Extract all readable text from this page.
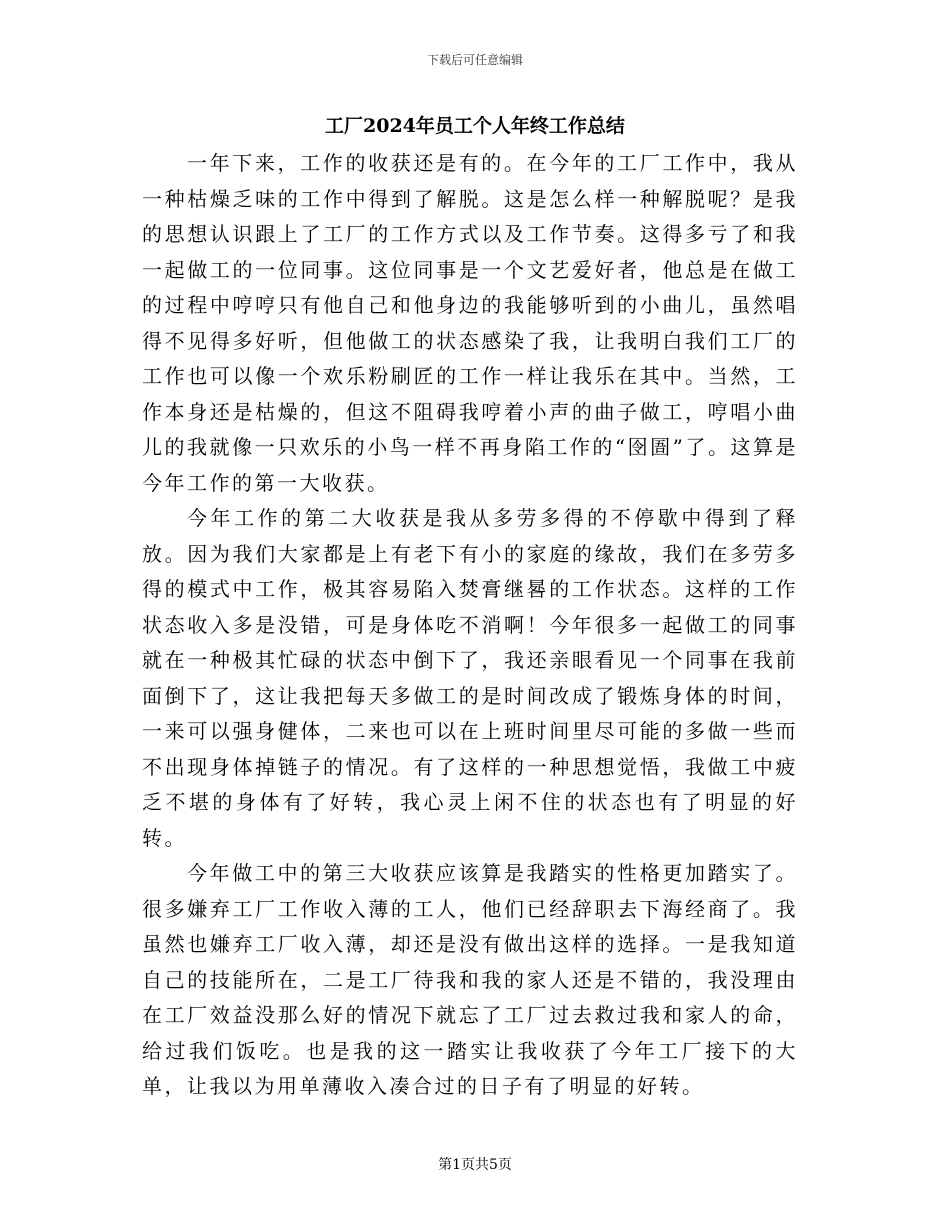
下载后可任意编辑
工厂2024年员工个人年终工作总结

一年下来，工作的收获还是有的。在今年的工厂工作中，我从一种枯燥乏味的工作中得到了解脱。这是怎么样一种解脱呢？是我的思想认识跟上了工厂的工作方式以及工作节奏。这得多亏了和我一起做工的一位同事。这位同事是一个文艺爱好者，他总是在做工的过程中哼哼只有他自己和他身边的我能够听到的小曲儿，虽然唱得不见得多好听，但他做工的状态感染了我，让我明白我们工厂的工作也可以像一个欢乐粉刷匠的工作一样让我乐在其中。当然，工作本身还是枯燥的，但这不阻碍我哼着小声的曲子做工，哼唱小曲儿的我就像一只欢乐的小鸟一样不再身陷工作的“囹圄”了。这算是今年工作的第一大收获。

今年工作的第二大收获是我从多劳多得的不停歇中得到了释放。因为我们大家都是上有老下有小的家庭的缘故，我们在多劳多得的模式中工作，极其容易陷入焚膏继晷的工作状态。这样的工作状态收入多是没错，可是身体吃不消啊！今年很多一起做工的同事就在一种极其忙碌的状态中倒下了，我还亲眼看见一个同事在我前面倒下了，这让我把每天多做工的是时间改成了锻炼身体的时间，一来可以强身健体，二来也可以在上班时间里尽可能的多做一些而不出现身体掉链子的情况。有了这样的一种思想觉悟，我做工中疲乏不堪的身体有了好转，我心灵上闲不住的状态也有了明显的好转。

今年做工中的第三大收获应该算是我踏实的性格更加踏实了。很多嫌弃工厂工作收入薄的工人，他们已经辞职去下海经商了。我虽然也嫌弃工厂收入薄，却还是没有做出这样的选择。一是我知道自己的技能所在，二是工厂待我和我的家人还是不错的，我没理由在工厂效益没那么好的情况下就忘了工厂过去救过我和家人的命，给过我们饭吃。也是我的这一踏实让我收获了今年工厂接下的大单，让我以为用单薄收入凑合过的日子有了明显的好转。

第1页共5页
